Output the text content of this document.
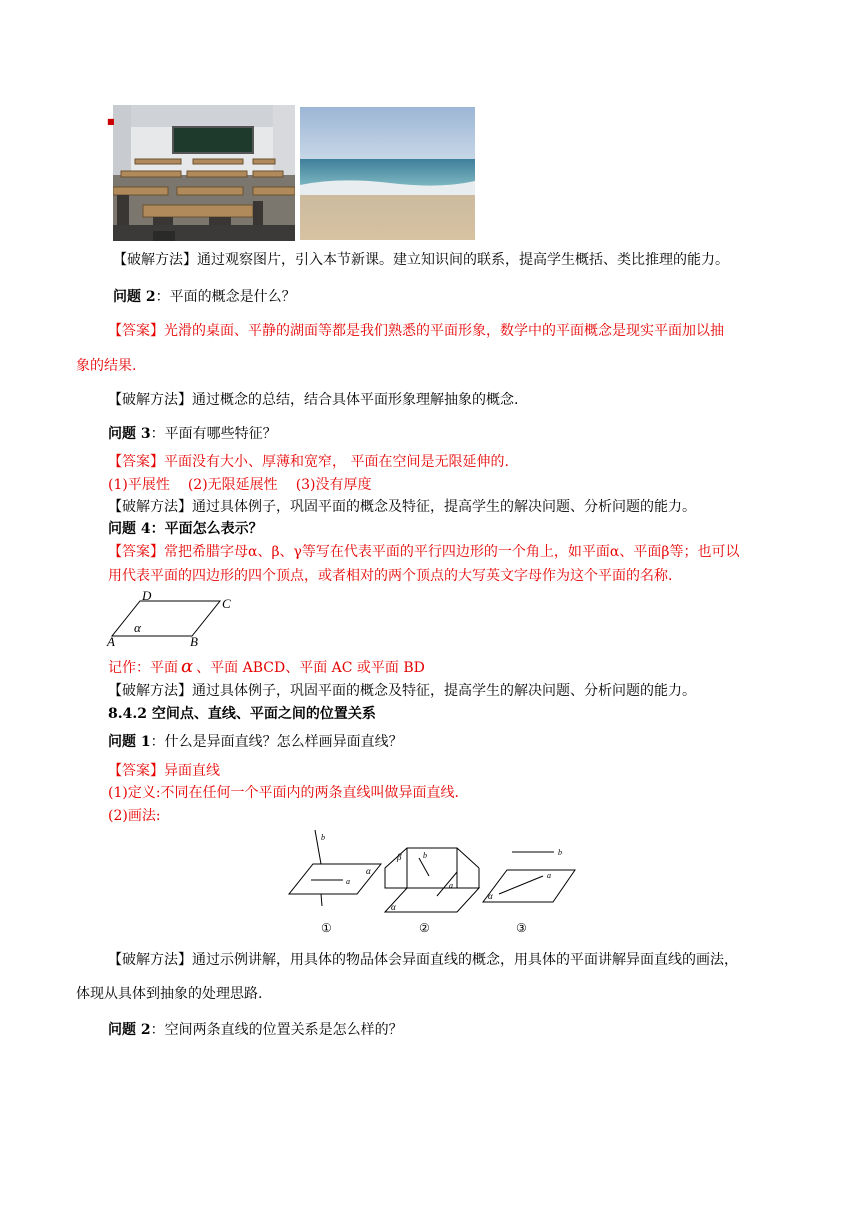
■
【破解方法】通过观察图片，引入本节新课。建立知识间的联系，提高学生概括、类比推理的能力。
问题 2：平面的概念是什么？
【答案】光滑的桌面、平静的湖面等都是我们熟悉的平面形象，数学中的平面概念是现实平面加以抽
象的结果.
【破解方法】通过概念的总结，结合具体平面形象理解抽象的概念.
问题 3：平面有哪些特征？
【答案】平面没有大小、厚薄和宽窄， 平面在空间是无限延伸的.
(1)平展性 (2)无限延展性 (3)没有厚度
【破解方法】通过具体例子，巩固平面的概念及特征，提高学生的解决问题、分析问题的能力。
问题 4：平面怎么表示？
【答案】常把希腊字母α、β、γ等写在代表平面的平行四边形的一个角上，如平面α、平面β等；也可以
用代表平面的四边形的四个顶点，或者相对的两个顶点的大写英文字母作为这个平面的名称.
D
C
A	B
α
记作：平面 α 、平面 ABCD、平面 AC 或平面 BD
【破解方法】通过具体例子，巩固平面的概念及特征，提高学生的解决问题、分析问题的能力。
8.4.2 空间点、直线、平面之间的位置关系
问题 1：什么是异面直线？怎么样画异面直线？
【答案】异面直线
(1)定义:不同在任何一个平面内的两条直线叫做异面直线.
(2)画法:
b
α
a
①
β	b
a
α
②
b
a
α
③
【破解方法】通过示例讲解，用具体的物品体会异面直线的概念，用具体的平面讲解异面直线的画法，
体现从具体到抽象的处理思路.
问题 2：空间两条直线的位置关系是怎么样的？
